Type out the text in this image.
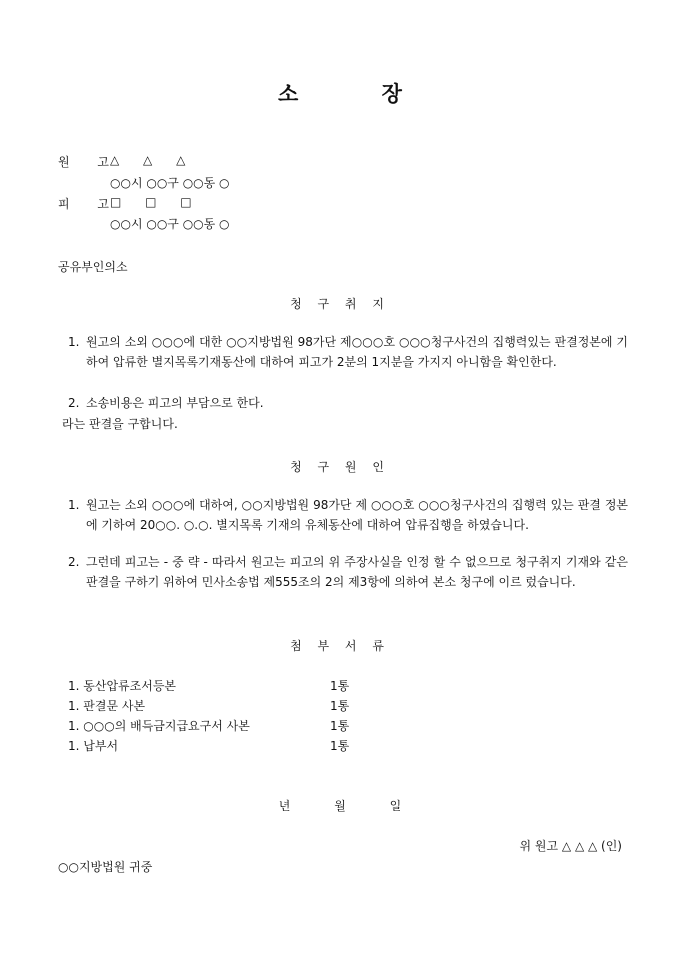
소 장
원 고
△ △ △
○○시 ○○구 ○○동 ○
피 고
□ □ □
○○시 ○○구 ○○동 ○
공유부인의소
청 구 취 지
1. 원고의 소외 ○○○에 대한 ○○지방법원 98가단 제○○○호 ○○○청구사건의 집행력있는 판결정본에 기하여 압류한 별지목록기재동산에 대하여 피고가 2분의 1지분을 가지지 아니함을 확인한다.
2. 소송비용은 피고의 부담으로 한다.
라는 판결을 구합니다.
청 구 원 인
1. 원고는 소외 ○○○에 대하여, ○○지방법원 98가단 제 ○○○호 ○○○청구사건의 집행력 있는 판결 정본에 기하여 20○○. ○.○. 별지목록 기재의 유체동산에 대하여 압류집행을 하였습니다.
2. 그런데 피고는 - 중 략 - 따라서 원고는 피고의 위 주장사실을 인정 할 수 없으므로 청구취지 기재와 같은 판결을 구하기 위하여 민사소송법 제555조의 2의 제3항에 의하여 본소 청구에 이르 렀습니다.
첨 부 서 류
1. 동산압류조서등본	1통
1. 판결문 사본	1통
1. ○○○의 배득금지급요구서 사본	1통
1. 납부서	1통
년 월 일
위 원고 △ △ △ (인)
○○지방법원 귀중
